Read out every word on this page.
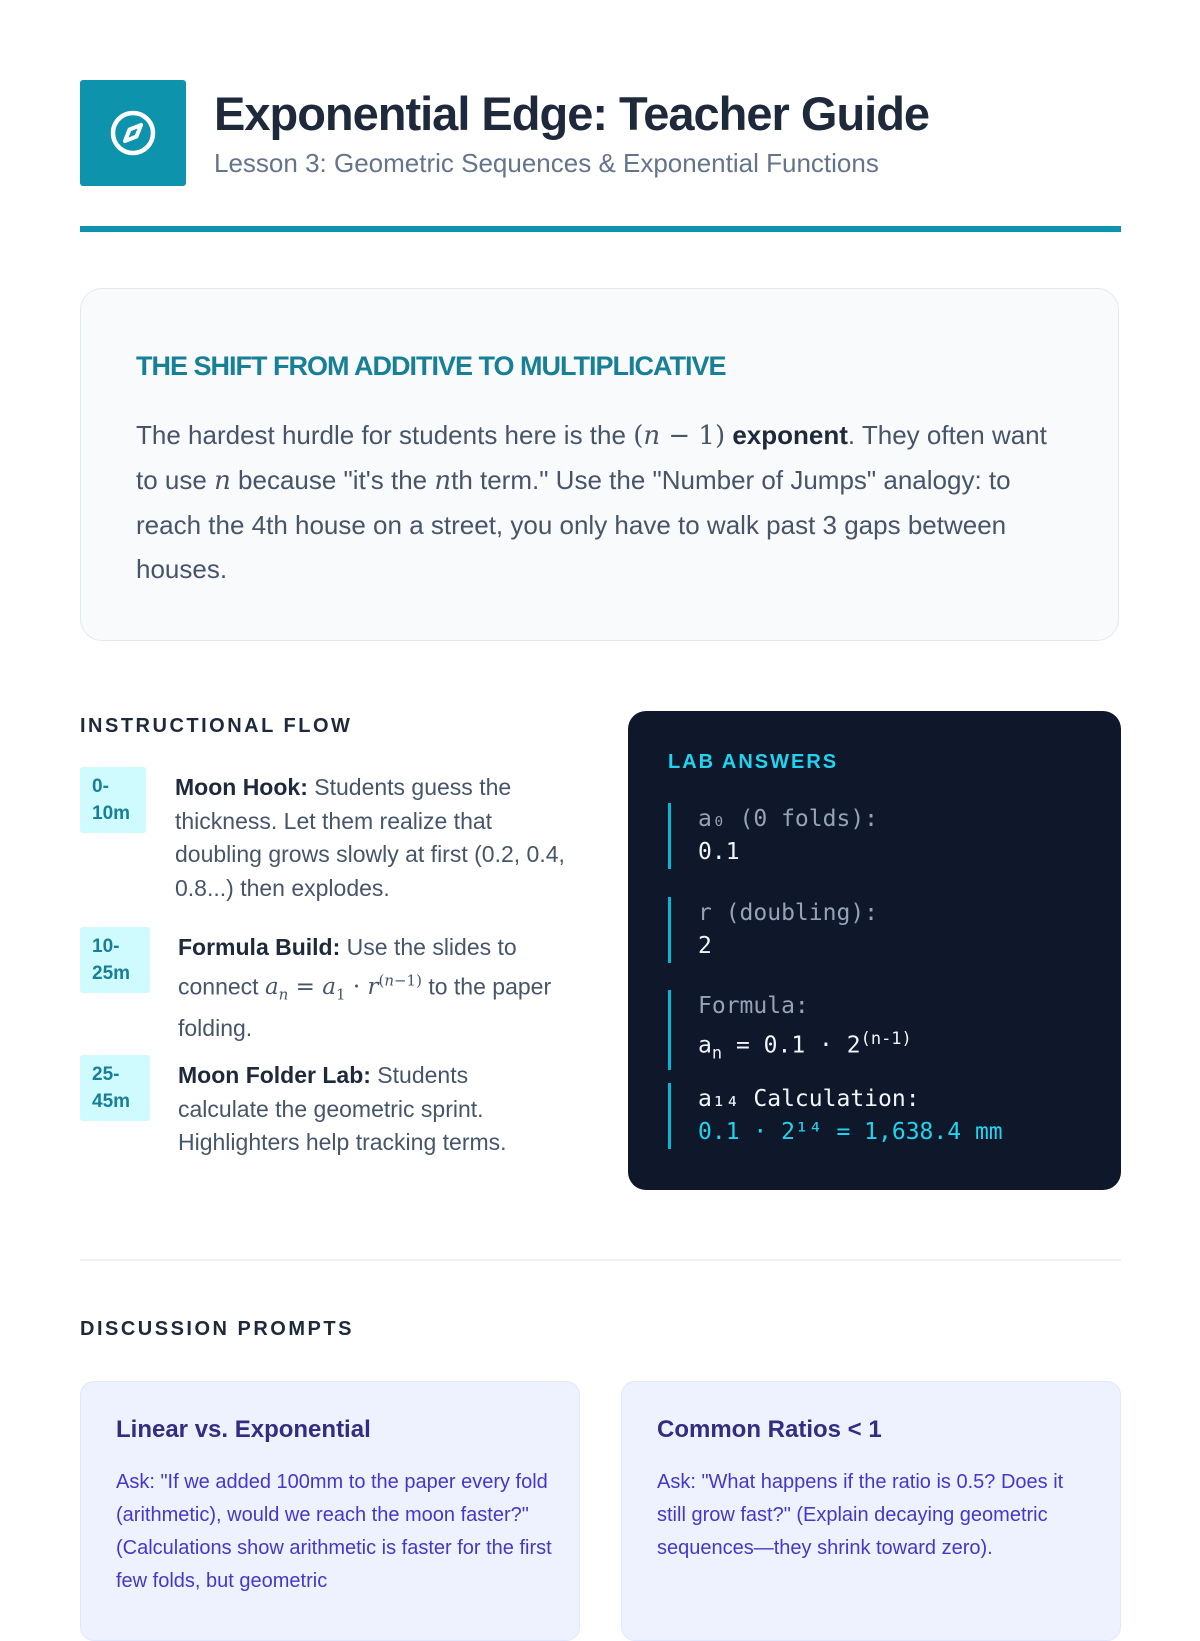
Exponential Edge: Teacher Guide

Lesson 3: Geometric Sequences & Exponential Functions

THE SHIFT FROM ADDITIVE TO MULTIPLICATIVE

The hardest hurdle for students here is the (n − 1) exponent. They often want to use n because "it's the nth term." Use the "Number of Jumps" analogy: to reach the 4th house on a street, you only have to walk past 3 gaps between houses.

INSTRUCTIONAL FLOW
0-
10m

Moon Hook: Students guess the thickness. Let them realize that doubling grows slowly at first (0.2, 0.4, 0.8...) then explodes.

10-
25m

Formula Build: Use the slides to connect $a_n = a_1 \cdot r^{(n-1)}$ to the paper folding.

25-
45m

Moon Folder Lab: Students calculate the geometric sprint. Highlighters help tracking terms.

LAB ANSWERS
a₀ (0 folds):
0.1
r (doubling):
2
Formula:
$a_n = 0.1 \cdot 2^{(n-1)}$
a₁₄ Calculation:
0.1 · 2¹⁴ = 1,638.4 mm
DISCUSSION PROMPTS
Linear vs. Exponential

Ask: "If we added 100mm to the paper every fold (arithmetic), would we reach the moon faster?" (Calculations show arithmetic is faster for the first few folds, but geometric

Common Ratios < 1

Ask: "What happens if the ratio is 0.5? Does it still grow fast?" (Explain decaying geometric sequences—they shrink toward zero).
